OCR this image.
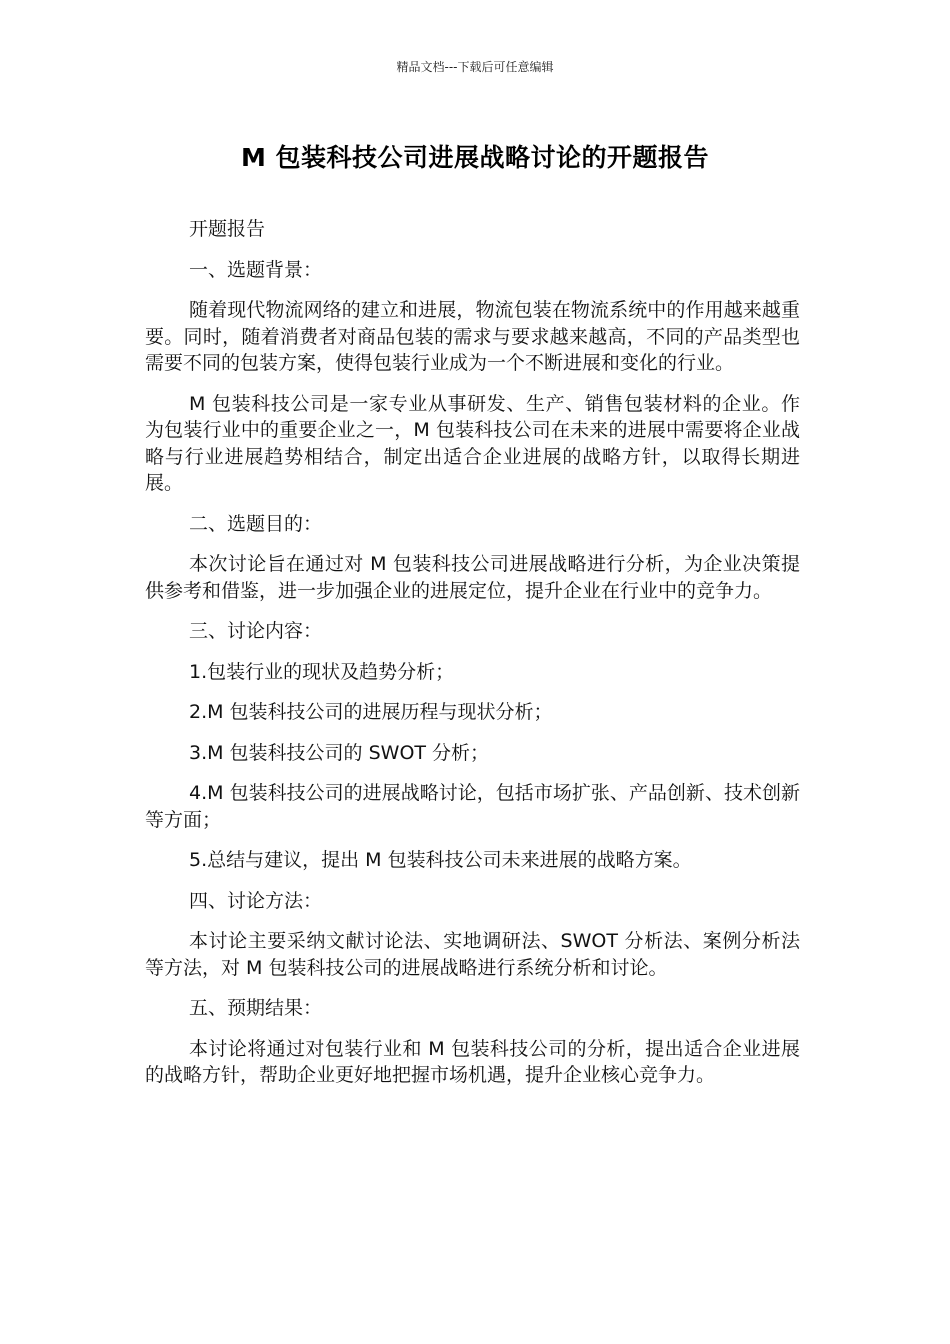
精品文档---下载后可任意编辑
M 包装科技公司进展战略讨论的开题报告

开题报告

一、选题背景：

随着现代物流网络的建立和进展，物流包装在物流系统中的作用越来越重要。同时，随着消费者对商品包装的需求与要求越来越高，不同的产品类型也需要不同的包装方案，使得包装行业成为一个不断进展和变化的行业。

M 包装科技公司是一家专业从事研发、生产、销售包装材料的企业。作为包装行业中的重要企业之一，M 包装科技公司在未来的进展中需要将企业战略与行业进展趋势相结合，制定出适合企业进展的战略方针，以取得长期进展。

二、选题目的：

本次讨论旨在通过对 M 包装科技公司进展战略进行分析，为企业决策提供参考和借鉴，进一步加强企业的进展定位，提升企业在行业中的竞争力。

三、讨论内容：

1.包装行业的现状及趋势分析；

2.M 包装科技公司的进展历程与现状分析；

3.M 包装科技公司的 SWOT 分析；

4.M 包装科技公司的进展战略讨论，包括市场扩张、产品创新、技术创新等方面；

5.总结与建议，提出 M 包装科技公司未来进展的战略方案。

四、讨论方法：

本讨论主要采纳文献讨论法、实地调研法、SWOT 分析法、案例分析法等方法，对 M 包装科技公司的进展战略进行系统分析和讨论。

五、预期结果：

本讨论将通过对包装行业和 M 包装科技公司的分析，提出适合企业进展的战略方针，帮助企业更好地把握市场机遇，提升企业核心竞争力。
